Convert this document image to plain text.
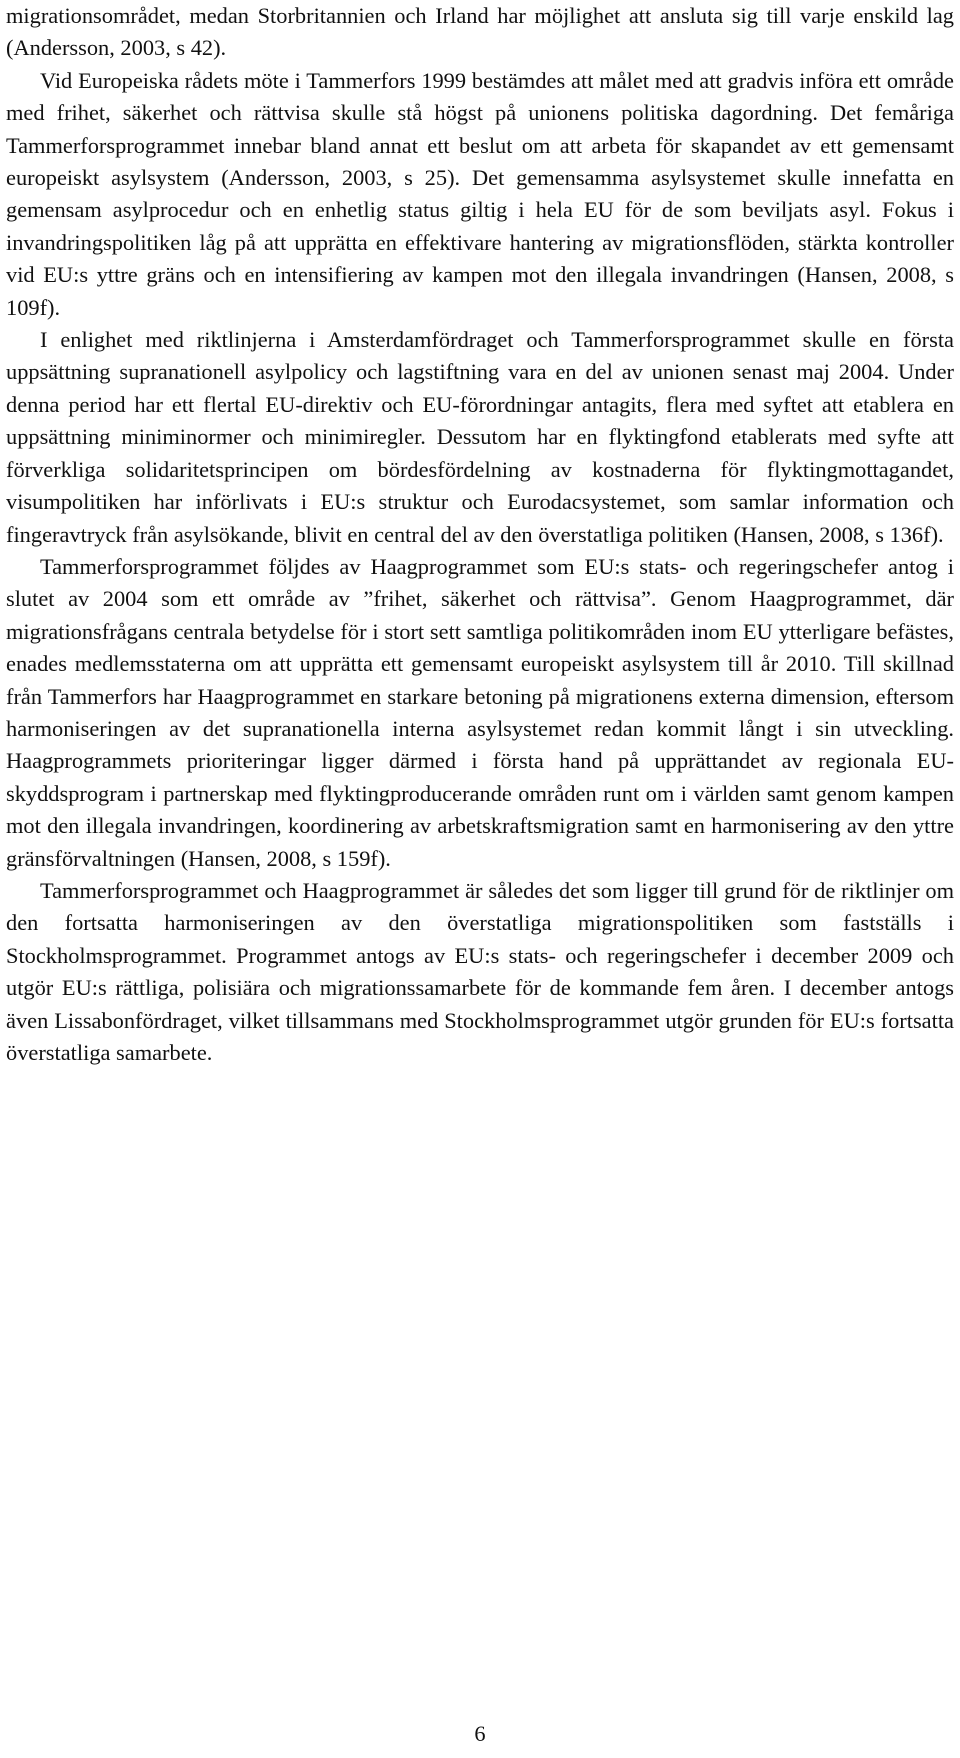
migrationsområdet, medan Storbritannien och Irland har möjlighet att ansluta sig till varje enskild lag (Andersson, 2003, s 42).

Vid Europeiska rådets möte i Tammerfors 1999 bestämdes att målet med att gradvis införa ett område med frihet, säkerhet och rättvisa skulle stå högst på unionens politiska dagordning. Det femåriga Tammerforsprogrammet innebar bland annat ett beslut om att arbeta för skapandet av ett gemensamt europeiskt asylsystem (Andersson, 2003, s 25). Det gemensamma asylsystemet skulle innefatta en gemensam asylprocedur och en enhetlig status giltig i hela EU för de som beviljats asyl. Fokus i invandringspolitiken låg på att upprätta en effektivare hantering av migrationsflöden, stärkta kontroller vid EU:s yttre gräns och en intensifiering av kampen mot den illegala invandringen (Hansen, 2008, s 109f).

I enlighet med riktlinjerna i Amsterdamfördraget och Tammerforsprogrammet skulle en första uppsättning supranationell asylpolicy och lagstiftning vara en del av unionen senast maj 2004. Under denna period har ett flertal EU-direktiv och EU-förordningar antagits, flera med syftet att etablera en uppsättning miniminormer och minimiregler. Dessutom har en flyktingfond etablerats med syfte att förverkliga solidaritetsprincipen om bördesfördelning av kostnaderna för flyktingmottagandet, visumpolitiken har införlivats i EU:s struktur och Eurodacsystemet, som samlar information och fingeravtryck från asylsökande, blivit en central del av den överstatliga politiken (Hansen, 2008, s 136f).

Tammerforsprogrammet följdes av Haagprogrammet som EU:s stats- och regeringschefer antog i slutet av 2004 som ett område av ”frihet, säkerhet och rättvisa”. Genom Haagprogrammet, där migrationsfrågans centrala betydelse för i stort sett samtliga politikområden inom EU ytterligare befästes, enades medlemsstaterna om att upprätta ett gemensamt europeiskt asylsystem till år 2010. Till skillnad från Tammerfors har Haagprogrammet en starkare betoning på migrationens externa dimension, eftersom harmoniseringen av det supranationella interna asylsystemet redan kommit långt i sin utveckling. Haagprogrammets prioriteringar ligger därmed i första hand på upprättandet av regionala EU-skyddsprogram i partnerskap med flyktingproducerande områden runt om i världen samt genom kampen mot den illegala invandringen, koordinering av arbetskraftsmigration samt en harmonisering av den yttre gränsförvaltningen (Hansen, 2008, s 159f).

Tammerforsprogrammet och Haagprogrammet är således det som ligger till grund för de riktlinjer om den fortsatta harmoniseringen av den överstatliga migrationspolitiken som fastställs i Stockholmsprogrammet. Programmet antogs av EU:s stats- och regeringschefer i december 2009 och utgör EU:s rättliga, polisiära och migrationssamarbete för de kommande fem åren. I december antogs även Lissabonfördraget, vilket tillsammans med Stockholmsprogrammet utgör grunden för EU:s fortsatta överstatliga samarbete.

6
